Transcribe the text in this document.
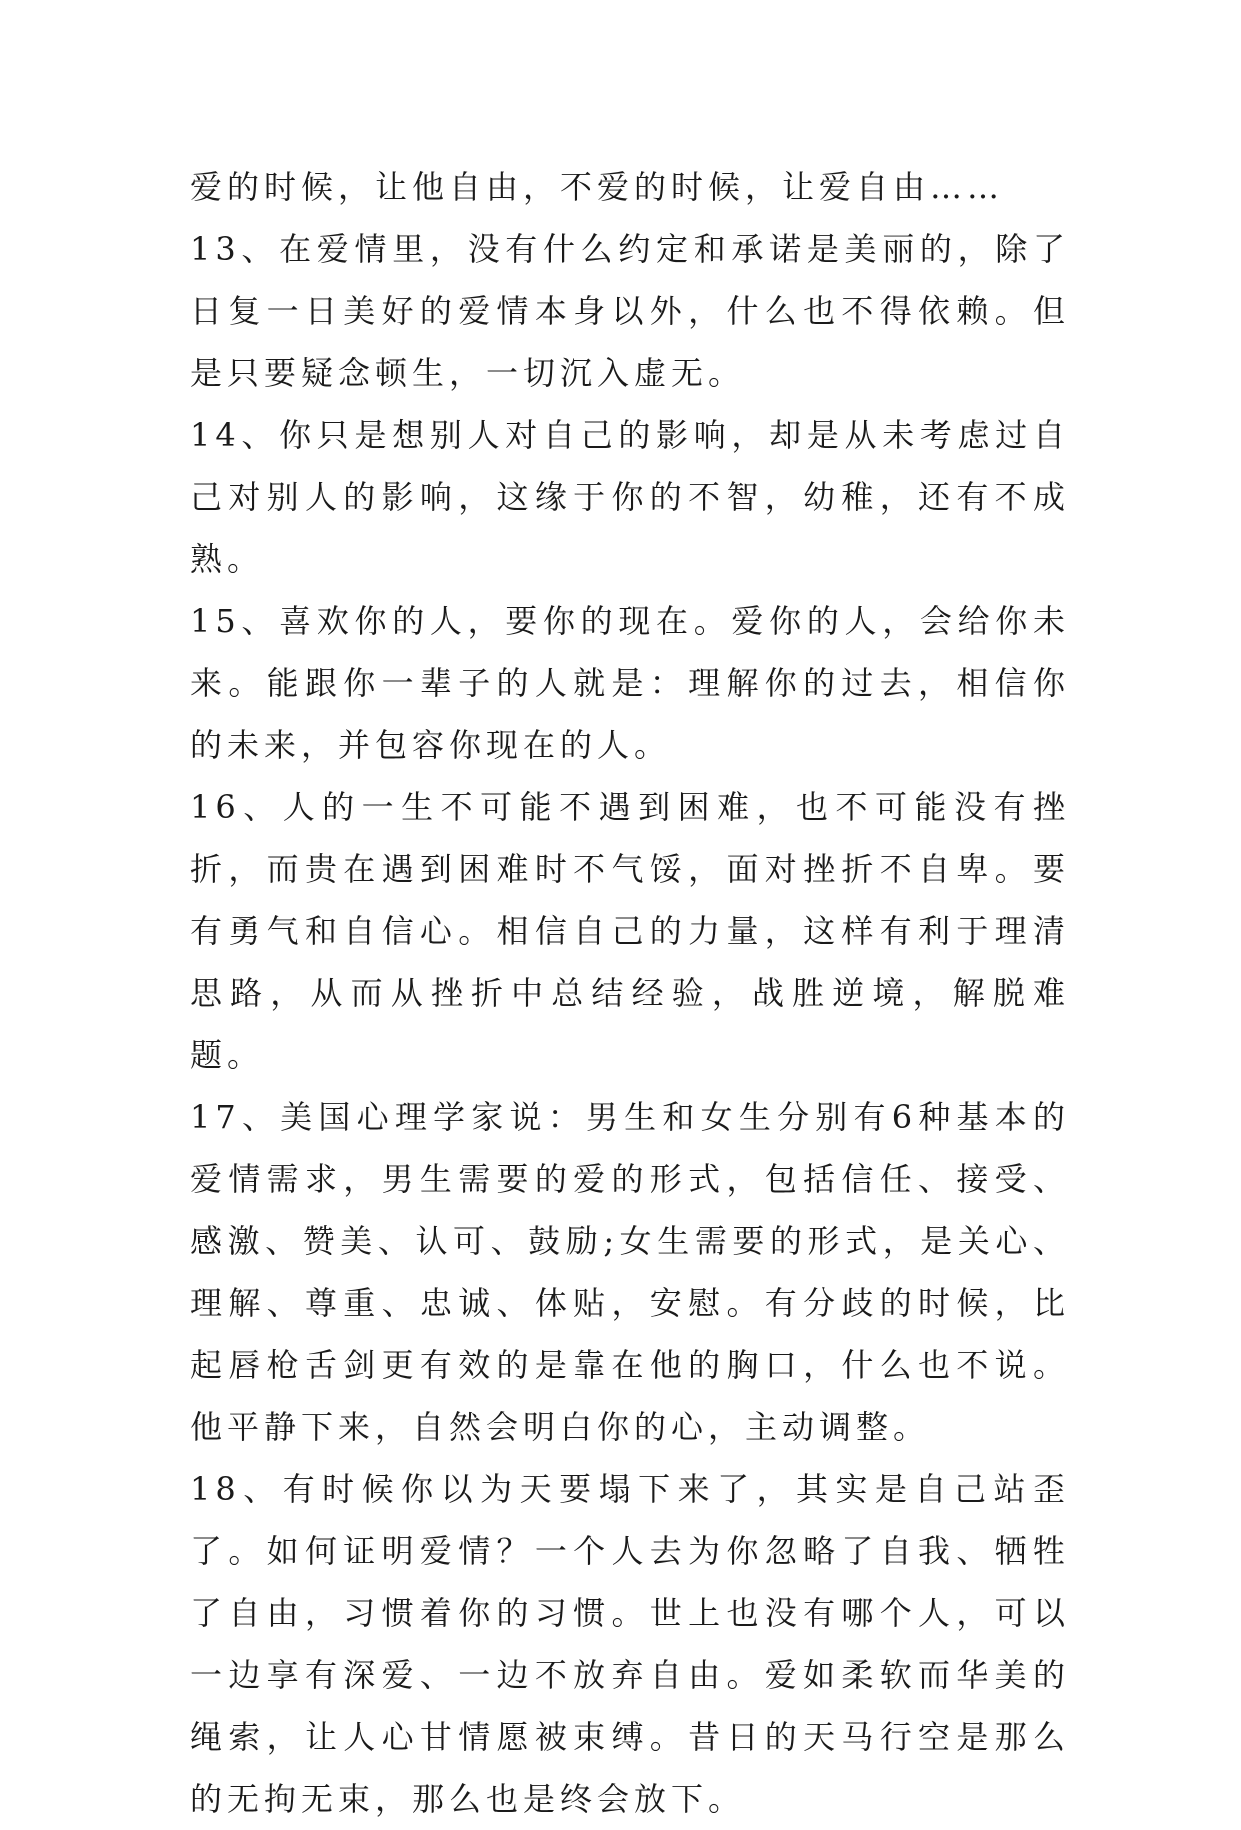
爱的时候，让他自由，不爱的时候，让爱自由……

13、在爱情里，没有什么约定和承诺是美丽的，除了日复一日美好的爱情本身以外，什么也不得依赖。但是只要疑念顿生，一切沉入虚无。

14、你只是想别人对自己的影响，却是从未考虑过自己对别人的影响，这缘于你的不智，幼稚，还有不成熟。

15、喜欢你的人，要你的现在。爱你的人，会给你未来。能跟你一辈子的人就是：理解你的过去，相信你的未来，并包容你现在的人。

16、人的一生不可能不遇到困难，也不可能没有挫折，而贵在遇到困难时不气馁，面对挫折不自卑。要有勇气和自信心。相信自己的力量，这样有利于理清思路，从而从挫折中总结经验，战胜逆境，解脱难题。

17、美国心理学家说：男生和女生分别有6种基本的爱情需求，男生需要的爱的形式，包括信任、接受、感激、赞美、认可、鼓励;女生需要的形式，是关心、理解、尊重、忠诚、体贴，安慰。有分歧的时候，比起唇枪舌剑更有效的是靠在他的胸口，什么也不说。他平静下来，自然会明白你的心，主动调整。

18、有时候你以为天要塌下来了，其实是自己站歪了。如何证明爱情？一个人去为你忽略了自我、牺牲了自由，习惯着你的习惯。世上也没有哪个人，可以一边享有深爱、一边不放弃自由。爱如柔软而华美的绳索，让人心甘情愿被束缚。昔日的天马行空是那么的无拘无束，那么也是终会放下。
